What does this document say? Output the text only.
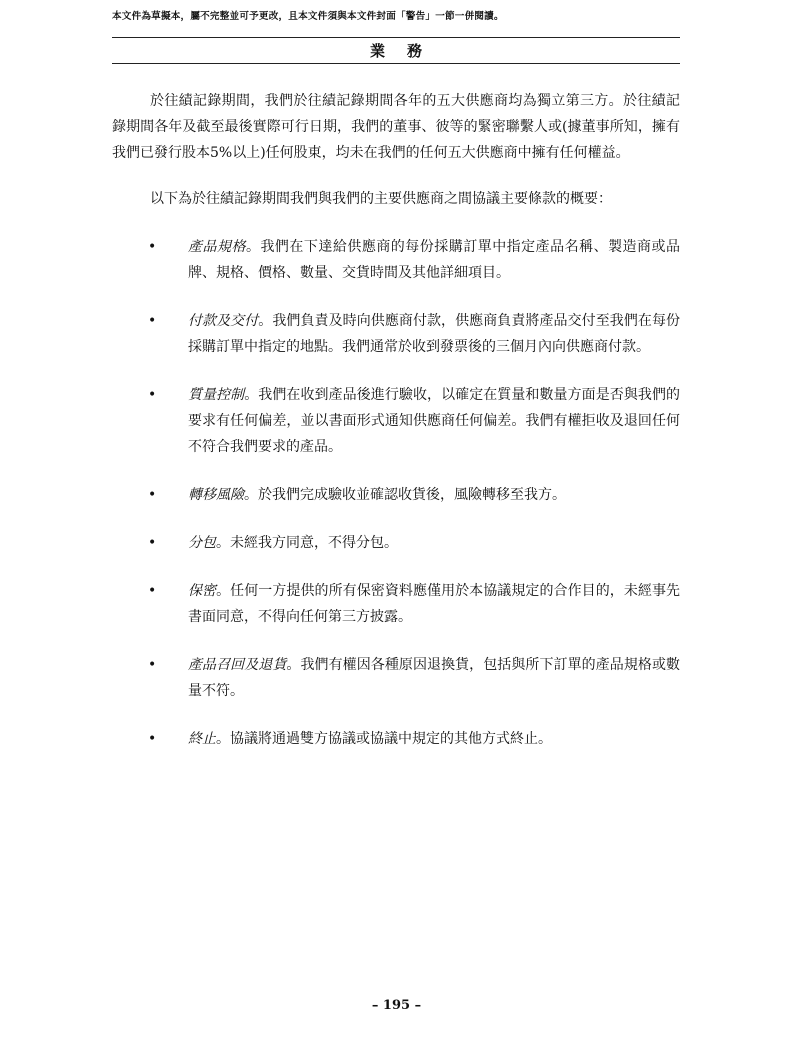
本文件為草擬本，屬不完整並可予更改，且本文件須與本文件封面「警告」一節一併閱讀。
業務

於往績記錄期間，我們於往績記錄期間各年的五大供應商均為獨立第三方。於往績記錄期間各年及截至最後實際可行日期，我們的董事、彼等的緊密聯繫人或(據董事所知，擁有我們已發行股本5%以上)任何股東，均未在我們的任何五大供應商中擁有任何權益。

以下為於往績記錄期間我們與我們的主要供應商之間協議主要條款的概要：

• 產品規格。我們在下達給供應商的每份採購訂單中指定產品名稱、製造商或品牌、規格、價格、數量、交貨時間及其他詳細項目。
• 付款及交付。我們負責及時向供應商付款，供應商負責將產品交付至我們在每份採購訂單中指定的地點。我們通常於收到發票後的三個月內向供應商付款。
• 質量控制。我們在收到產品後進行驗收，以確定在質量和數量方面是否與我們的要求有任何偏差，並以書面形式通知供應商任何偏差。我們有權拒收及退回任何不符合我們要求的產品。
• 轉移風險。於我們完成驗收並確認收貨後，風險轉移至我方。
• 分包。未經我方同意，不得分包。
• 保密。任何一方提供的所有保密資料應僅用於本協議規定的合作目的，未經事先書面同意，不得向任何第三方披露。
• 產品召回及退貨。我們有權因各種原因退換貨，包括與所下訂單的產品規格或數量不符。
• 終止。協議將通過雙方協議或協議中規定的其他方式終止。
– 195 –
